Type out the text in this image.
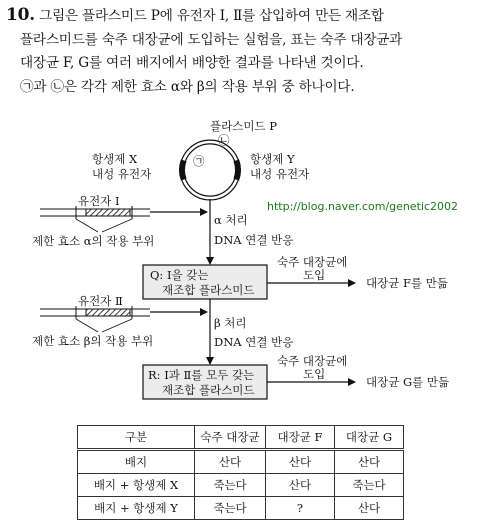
10. 그림은 플라스미드 P에 유전자 Ⅰ, Ⅱ를 삽입하여 만든 재조합
플라스미드를 숙주 대장균에 도입하는 실험을, 표는 숙주 대장균과
대장균 F, G를 여러 배지에서 배양한 결과를 나타낸 것이다.
㉠과 ㉡은 각각 제한 효소 α와 β의 작용 부위 중 하나이다.
플라스미드 P
㉠
㉡
항생제 X
내성 유전자
항생제 Y
내성 유전자
α 처리
DNA 연결 반응
유전자 Ⅰ
제한 효소 α의 작용 부위
Q: Ⅰ을 갖는
재조합 플라스미드
숙주 대장균에
도입
대장균 F를 만듦
β 처리
DNA 연결 반응
유전자 Ⅱ
제한 효소 β의 작용 부위
R: Ⅰ과 Ⅱ를 모두 갖는
재조합 플라스미드
숙주 대장균에
도입
대장균 G를 만듦
http://blog.naver.com/genetic2002
구분	숙주 대장균	대장균 F	대장균 G
배지	산다	산다	산다
배지 + 항생제 X	죽는다	산다	죽는다
배지 + 항생제 Y	죽는다	?	산다
